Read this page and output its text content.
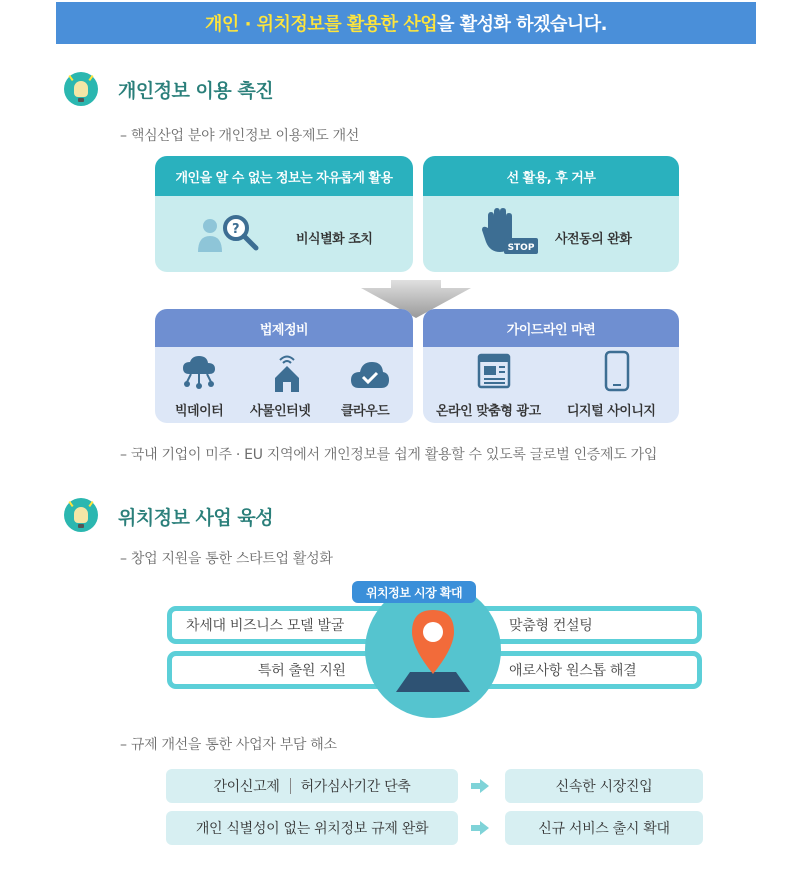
개인 · 위치정보를 활용한 산업 을 활성화 하겠습니다.
개인정보 이용 촉진
– 핵심산업 분야 개인정보 이용제도 개선
개인을 알 수 없는 정보는 자유롭게 활용
?
비식별화 조치
선 활용, 후 거부
STOP
사전동의 완화
법제정비
빅데이터 사물인터넷 클라우드
가이드라인 마련
온라인 맞춤형 광고 디지털 사이니지
– 국내 기업이 미주 · EU 지역에서 개인정보를 쉽게 활용할 수 있도록 글로벌 인증제도 가입
위치정보 사업 육성
– 창업 지원을 통한 스타트업 활성화
차세대 비즈니스 모델 발굴
특허 출원 지원
맞춤형 컨설팅
애로사항 원스톱 해결
위치정보 시장 확대
– 규제 개선을 통한 사업자 부담 해소
간이신고제 허가심사기간 단축	신속한 시장진입
개인 식별성이 없는 위치정보 규제 완화	신규 서비스 출시 확대
